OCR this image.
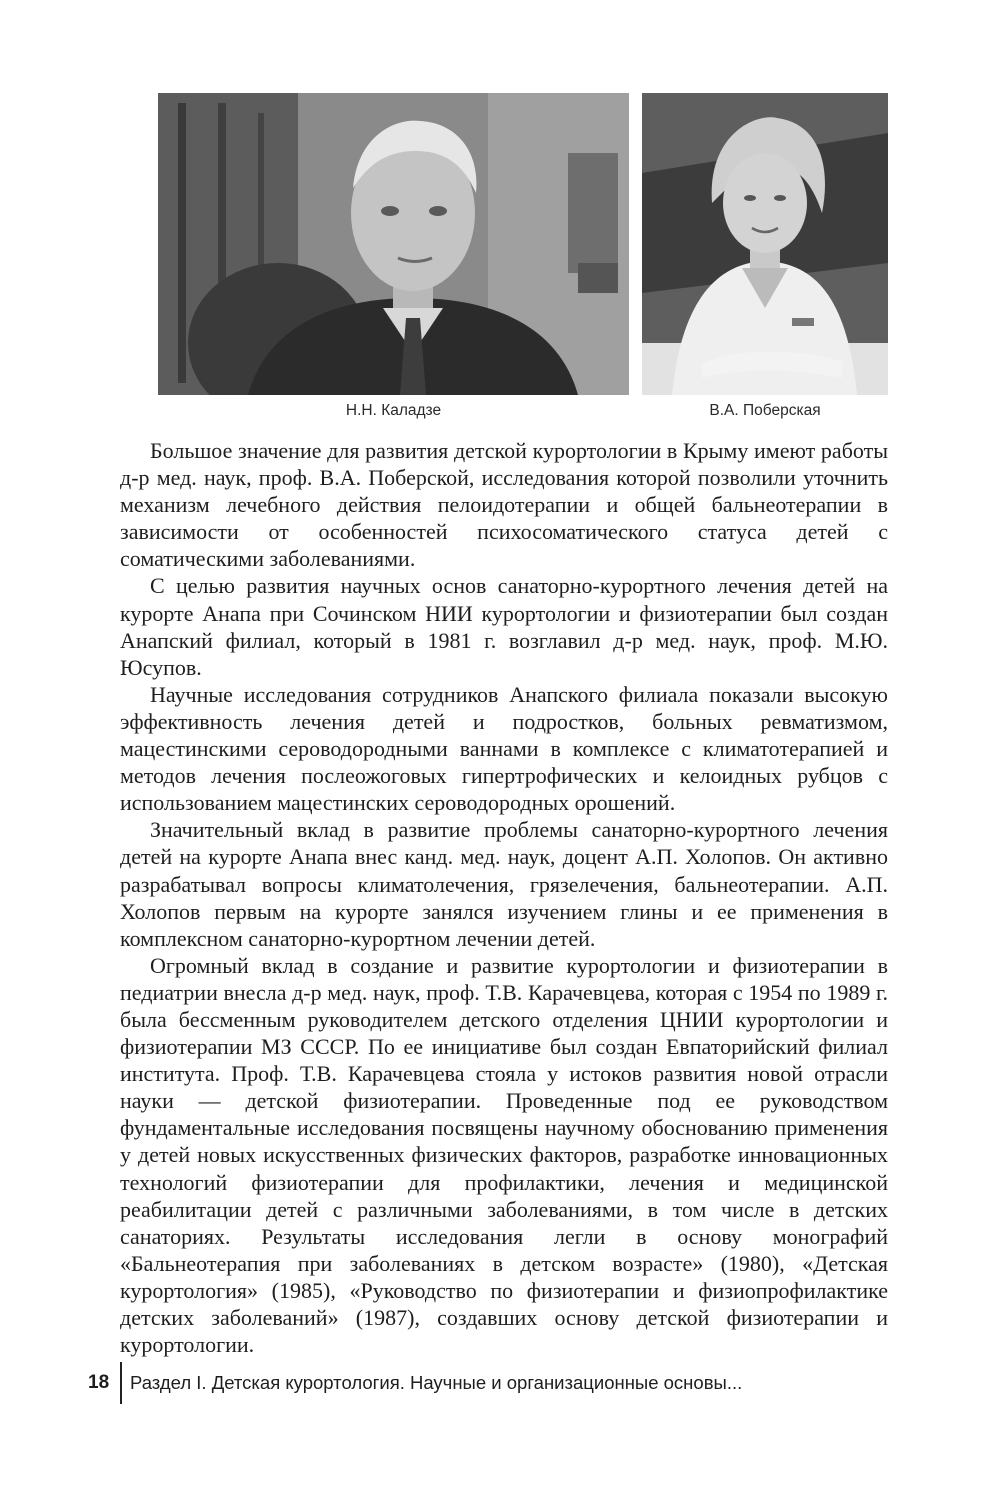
Н.Н. Каладзе	В.А. Поберская

Большое значение для развития детской курортологии в Крыму имеют работы д-р мед. наук, проф. В.А. Поберской, исследования которой позволили уточнить механизм лечебного действия пелоидотерапии и общей бальнеотерапии в зависимости от особенностей психосоматического статуса детей с соматическими заболеваниями.

С целью развития научных основ санаторно-курортного лечения детей на курорте Анапа при Сочинском НИИ курортологии и физиотерапии был создан Анапский филиал, который в 1981 г. возглавил д-р мед. наук, проф. М.Ю. Юсупов.

Научные исследования сотрудников Анапского филиала показали высокую эффективность лечения детей и подростков, больных ревматизмом, мацестинскими сероводородными ваннами в комплексе с климатотерапией и методов лечения послеожоговых гипертрофических и келоидных рубцов с использованием мацестинских сероводородных орошений.

Значительный вклад в развитие проблемы санаторно-курортного лечения детей на курорте Анапа внес канд. мед. наук, доцент А.П. Холопов. Он активно разрабатывал вопросы климатолечения, грязелечения, бальнеотерапии. А.П. Холопов первым на курорте занялся изучением глины и ее применения в комплексном санаторно-курортном лечении детей.

Огромный вклад в создание и развитие курортологии и физиотерапии в педиатрии внесла д-р мед. наук, проф. Т.В. Карачевцева, которая с 1954 по 1989 г. была бессменным руководителем детского отделения ЦНИИ курортологии и физиотерапии МЗ СССР. По ее инициативе был создан Евпаторийский филиал института. Проф. Т.В. Карачевцева стояла у истоков развития новой отрасли науки — детской физиотерапии. Проведенные под ее руководством фундаментальные исследования посвящены научному обоснованию применения у детей новых искусственных физических факторов, разработке инновационных технологий физиотерапии для профилактики, лечения и медицинской реабилитации детей с различными заболеваниями, в том числе в детских санаториях. Результаты исследования легли в основу монографий «Бальнеотерапия при заболеваниях в детском возрасте» (1980), «Детская курортология» (1985), «Руководство по физиотерапии и физиопрофилактике детских заболеваний» (1987), создавших основу детской физиотерапии и курортологии.

18	Раздел I. Детская курортология. Научные и организационные основы...
